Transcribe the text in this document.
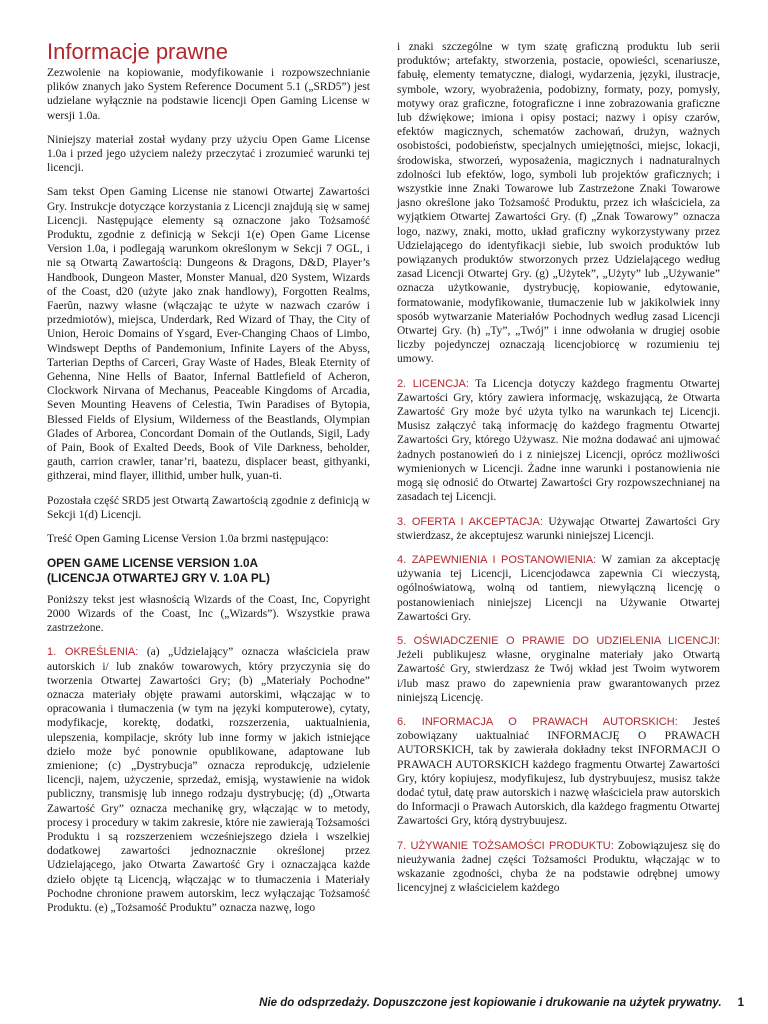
Informacje prawne

Zezwolenie na kopiowanie, modyfikowanie i rozpowszechnianie plików znanych jako System Reference Document 5.1 („SRD5”) jest udzielane wyłącznie na podstawie licencji Open Gaming License w wersji 1.0a.

Niniejszy materiał został wydany przy użyciu Open Game License 1.0a i przed jego użyciem należy przeczytać i zrozumieć warunki tej licencji.

Sam tekst Open Gaming License nie stanowi Otwartej Zawartości Gry. Instrukcje dotyczące korzystania z Licencji znajdują się w samej Licencji. Następujące elementy są oznaczone jako Tożsamość Produktu, zgodnie z definicją w Sekcji 1(e) Open Game License Version 1.0a, i podlegają warunkom określonym w Sekcji 7 OGL, i nie są Otwartą Zawartością: Dungeons & Dragons, D&D, Player’s Handbook, Dungeon Master, Monster Manual, d20 System, Wizards of the Coast, d20 (użyte jako znak handlowy), Forgotten Realms, Faerûn, nazwy własne (włączając te użyte w nazwach czarów i przedmiotów), miejsca, Underdark, Red Wizard of Thay, the City of Union, Heroic Domains of Ysgard, Ever-Changing Chaos of Limbo, Windswept Depths of Pandemonium, Infinite Layers of the Abyss, Tarterian Depths of Carceri, Gray Waste of Hades, Bleak Eternity of Gehenna, Nine Hells of Baator, Infernal Battlefield of Acheron, Clockwork Nirvana of Mechanus, Peaceable Kingdoms of Arcadia, Seven Mounting Heavens of Celestia, Twin Paradises of Bytopia, Blessed Fields of Elysium, Wilderness of the Beastlands, Olympian Glades of Arborea, Concordant Domain of the Outlands, Sigil, Lady of Pain, Book of Exalted Deeds, Book of Vile Darkness, beholder, gauth, carrion crawler, tanar’ri, baatezu, displacer beast, githyanki, githzerai, mind flayer, illithid, umber hulk, yuan-ti.

Pozostała część SRD5 jest Otwartą Zawartością zgodnie z definicją w Sekcji 1(d) Licencji.

Treść Open Gaming License Version 1.0a brzmi następująco:

OPEN GAME LICENSE VERSION 1.0A
(LICENCJA OTWARTEJ GRY V. 1.0A PL)

Poniższy tekst jest własnością Wizards of the Coast, Inc, Copyright 2000 Wizards of the Coast, Inc („Wizards”). Wszystkie prawa zastrzeżone.

1. OKREŚLENIA: (a) „Udzielający” oznacza właściciela praw autorskich i/ lub znaków towarowych, który przyczynia się do tworzenia Otwartej Zawartości Gry; (b) „Materiały Pochodne” oznacza materiały objęte prawami autorskimi, włączając w to opracowania i tłumaczenia (w tym na języki komputerowe), cytaty, modyfikacje, korektę, dodatki, rozszerzenia, uaktualnienia, ulepszenia, kompilacje, skróty lub inne formy w jakich istniejące dzieło może być ponownie opublikowane, adaptowane lub zmienione; (c) „Dystrybucja” oznacza reprodukcję, udzielenie licencji, najem, użyczenie, sprzedaż, emisją, wystawienie na widok publiczny, transmisję lub innego rodzaju dystrybucję; (d) „Otwarta Zawartość Gry” oznacza mechanikę gry, włączając w to metody, procesy i procedury w takim zakresie, które nie zawierają Tożsamości Produktu i są rozszerzeniem wcześniejszego dzieła i wszelkiej dodatkowej zawartości jednoznacznie określonej przez Udzielającego, jako Otwarta Zawartość Gry i oznaczająca każde dzieło objęte tą Licencją, włączając w to tłumaczenia i Materiały Pochodne chronione prawem autorskim, lecz wyłączając Tożsamość Produktu. (e) „Tożsamość Produktu” oznacza nazwę, logo

i znaki szczególne w tym szatę graficzną produktu lub serii produktów; artefakty, stworzenia, postacie, opowieści, scenariusze, fabułę, elementy tematyczne, dialogi, wydarzenia, języki, ilustracje, symbole, wzory, wyobrażenia, podobizny, formaty, pozy, pomysły, motywy oraz graficzne, fotograficzne i inne zobrazowania graficzne lub dźwiękowe; imiona i opisy postaci; nazwy i opisy czarów, efektów magicznych, schematów zachowań, drużyn, ważnych osobistości, podobieństw, specjalnych umiejętności, miejsc, lokacji, środowiska, stworzeń, wyposażenia, magicznych i nadnaturalnych zdolności lub efektów, logo, symboli lub projektów graficznych; i wszystkie inne Znaki Towarowe lub Zastrzeżone Znaki Towarowe jasno określone jako Tożsamość Produktu, przez ich właściciela, za wyjątkiem Otwartej Zawartości Gry. (f) „Znak Towarowy” oznacza logo, nazwy, znaki, motto, układ graficzny wykorzystywany przez Udzielającego do identyfikacji siebie, lub swoich produktów lub powiązanych produktów stworzonych przez Udzielającego według zasad Licencji Otwartej Gry. (g) „Użytek”, „Użyty” lub „Używanie” oznacza użytkowanie, dystrybucję, kopiowanie, edytowanie, formatowanie, modyfikowanie, tłumaczenie lub w jakikolwiek inny sposób wytwarzanie Materiałów Pochodnych według zasad Licencji Otwartej Gry. (h) „Ty”, „Twój” i inne odwołania w drugiej osobie liczby pojedynczej oznaczają licencjobiorcę w rozumieniu tej umowy.

2. LICENCJA: Ta Licencja dotyczy każdego fragmentu Otwartej Zawartości Gry, który zawiera informację, wskazującą, że Otwarta Zawartość Gry może być użyta tylko na warunkach tej Licencji. Musisz załączyć taką informację do każdego fragmentu Otwartej Zawartości Gry, którego Używasz. Nie można dodawać ani ujmować żadnych postanowień do i z niniejszej Licencji, oprócz możliwości wymienionych w Licencji. Żadne inne warunki i postanowienia nie mogą się odnosić do Otwartej Zawartości Gry rozpowszechnianej na zasadach tej Licencji.

3. OFERTA I AKCEPTACJA: Używając Otwartej Zawartości Gry stwierdzasz, że akceptujesz warunki niniejszej Licencji.

4. ZAPEWNIENIA I POSTANOWIENIA: W zamian za akceptację używania tej Licencji, Licencjodawca zapewnia Ci wieczystą, ogólnoświatową, wolną od tantiem, niewyłączną licencję o postanowieniach niniejszej Licencji na Używanie Otwartej Zawartości Gry.

5. OŚWIADCZENIE O PRAWIE DO UDZIELENIA LICENCJI: Jeżeli publikujesz własne, oryginalne materiały jako Otwartą Zawartość Gry, stwierdzasz że Twój wkład jest Twoim wytworem i/lub masz prawo do zapewnienia praw gwarantowanych przez niniejszą Licencję.

6. INFORMACJA O PRAWACH AUTORSKICH: Jesteś zobowiązany uaktualniać INFORMACJĘ O PRAWACH AUTORSKICH, tak by zawierała dokładny tekst INFORMACJI O PRAWACH AUTORSKICH każdego fragmentu Otwartej Zawartości Gry, który kopiujesz, modyfikujesz, lub dystrybuujesz, musisz także dodać tytuł, datę praw autorskich i nazwę właściciela praw autorskich do Informacji o Prawach Autorskich, dla każdego fragmentu Otwartej Zawartości Gry, którą dystrybuujesz.

7. UŻYWANIE TOŻSAMOŚCI PRODUKTU: Zobowiązujesz się do nieużywania żadnej części Tożsamości Produktu, włączając w to wskazanie zgodności, chyba że na podstawie odrębnej umowy licencyjnej z właścicielem każdego

Nie do odsprzedaży. Dopuszczone jest kopiowanie i drukowanie na użytek prywatny. 1
